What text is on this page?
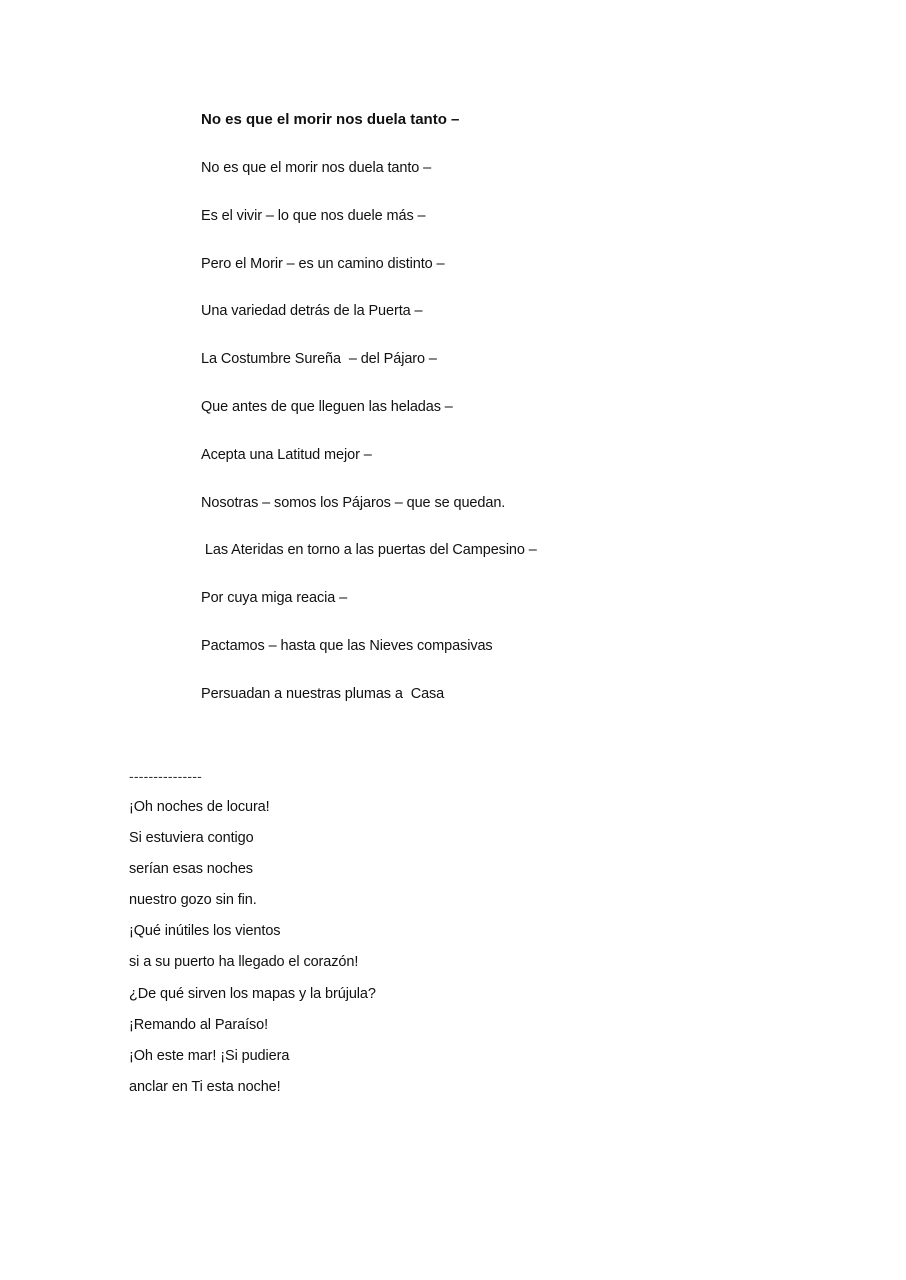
No es que el morir nos duela tanto –
No es que el morir nos duela tanto –
Es el vivir – lo que nos duele más –
Pero el Morir – es un camino distinto –
Una variedad detrás de la Puerta –
La Costumbre Sureña  – del Pájaro –
Que antes de que lleguen las heladas –
Acepta una Latitud mejor –
Nosotras – somos los Pájaros – que se quedan.
Las Ateridas en torno a las puertas del Campesino –
Por cuya miga reacia –
Pactamos – hasta que las Nieves compasivas
Persuadan a nuestras plumas a  Casa
---------------
¡Oh noches de locura!
Si estuviera contigo
serían esas noches
nuestro gozo sin fin.
¡Qué inútiles los vientos
si a su puerto ha llegado el corazón!
¿De qué sirven los mapas y la brújula?
¡Remando al Paraíso!
¡Oh este mar! ¡Si pudiera
anclar en Ti esta noche!
